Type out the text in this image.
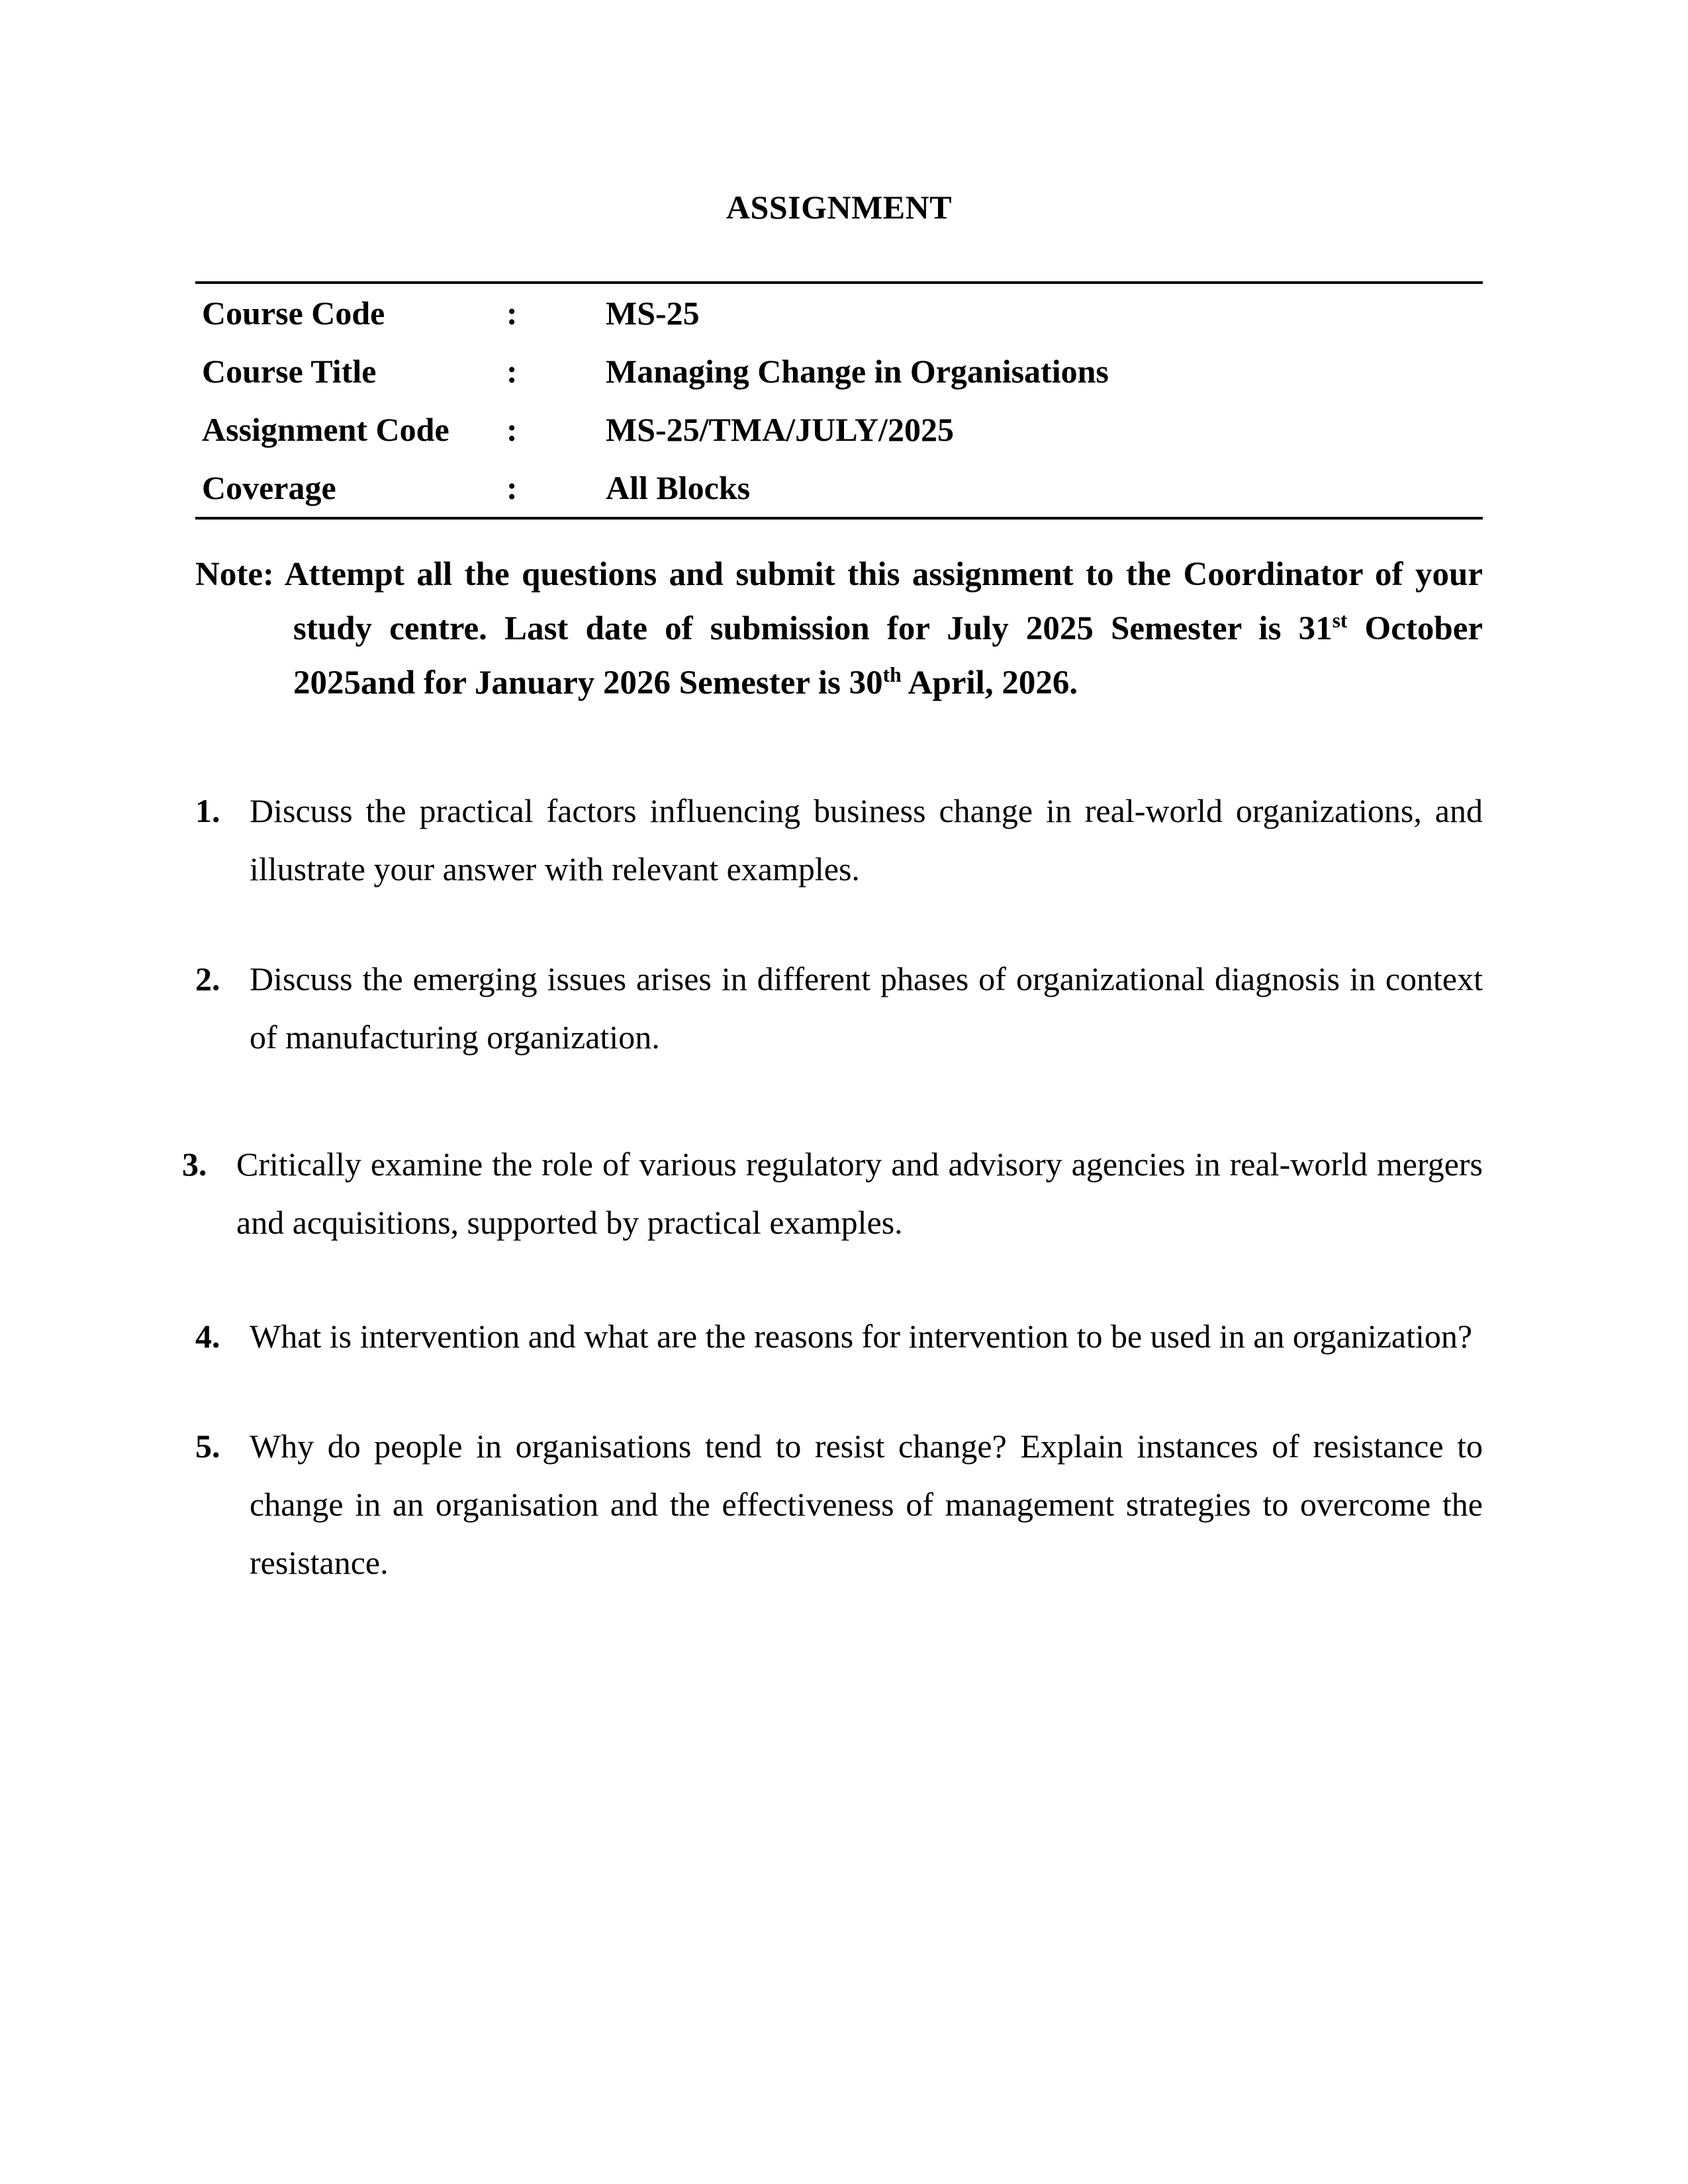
ASSIGNMENT
Course Code	:	MS-25
Course Title	:	Managing Change in Organisations
Assignment Code	:	MS-25/TMA/JULY/2025
Coverage	:	All Blocks

Note: Attempt all the questions and submit this assignment to the Coordinator of your study centre. Last date of submission for July 2025 Semester is 31st October 2025and for January 2026 Semester is 30th April, 2026.

1. Discuss the practical factors influencing business change in real-world organizations, and illustrate your answer with relevant examples.
2. Discuss the emerging issues arises in different phases of organizational diagnosis in context of manufacturing organization.
3. Critically examine the role of various regulatory and advisory agencies in real-world mergers and acquisitions, supported by practical examples.
4. What is intervention and what are the reasons for intervention to be used in an organization?
5. Why do people in organisations tend to resist change? Explain instances of resistance to change in an organisation and the effectiveness of management strategies to overcome the resistance.
